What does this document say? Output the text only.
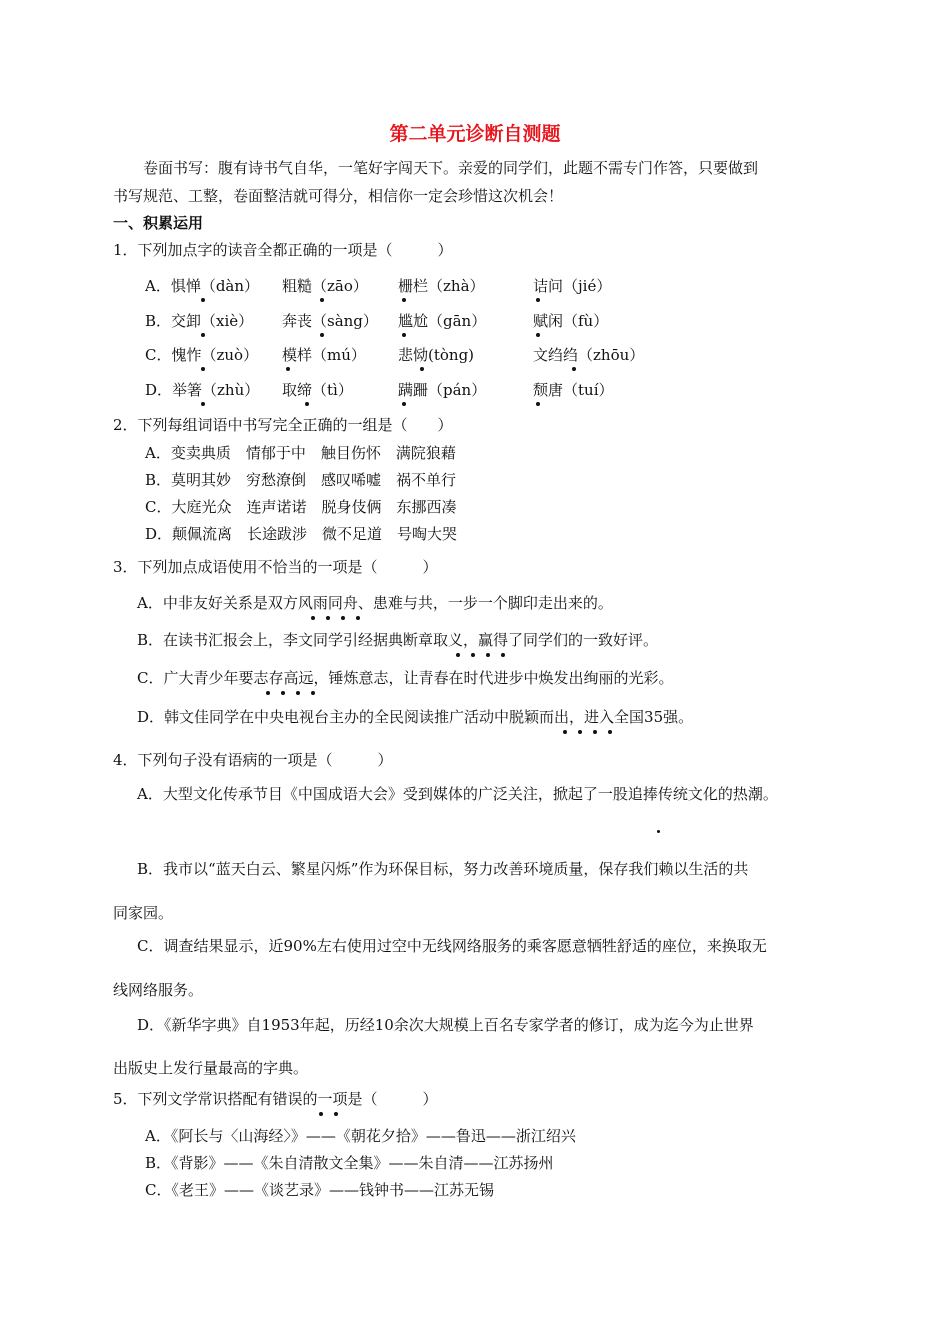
第二单元诊断自测题
卷面书写：腹有诗书气自华，一笔好字闯天下。亲爱的同学们，此题不需专门作答，只要做到
书写规范、工整，卷面整洁就可得分，相信你一定会珍惜这次机会！
一、积累运用
1．下列加点字的读音全都正确的一项是（　　　）
A．惧惮（dàn） 粗糙（zāo） 栅栏（zhà）	诘问（jié）
B．交卸（xiè） 奔丧（sàng） 尴尬（gān）	赋闲（fù）
C．愧怍（zuò） 模样（mú） 悲恸(tòng)	文绉绉（zhōu）
D．举箸（zhù） 取缔（tì）	蹒跚（pán）	颓唐（tuí）
2．下列每组词语中书写完全正确的一组是（　　）
A．变卖典质　情郁于中　触目伤怀　满院狼藉
B．莫明其妙　穷愁潦倒　感叹唏嘘　祸不单行
C．大庭光众　连声诺诺　脱身伎俩　东挪西凑
D．颠佩流离　长途跋涉　微不足道　号啕大哭
3．下列加点成语使用不恰当的一项是（　　　）
A．中非友好关系是双方风雨同舟、患难与共，一步一个脚印走出来的。
B．在读书汇报会上，李文同学引经据典断章取义，赢得了同学们的一致好评。
C．广大青少年要志存高远，锤炼意志，让青春在时代进步中焕发出绚丽的光彩。
D．韩文佳同学在中央电视台主办的全民阅读推广活动中脱颖而出，进入全国35强。
4．下列句子没有语病的一项是（　　　）
A．大型文化传承节目《中国成语大会》受到媒体的广泛关注，掀起了一股追捧传统文化的热潮。
B．我市以“蓝天白云、繁星闪烁”作为环保目标，努力改善环境质量，保存我们赖以生活的共
同家园。
C．调查结果显示，近90%左右使用过空中无线网络服务的乘客愿意牺牲舒适的座位，来换取无
线网络服务。
D．《新华字典》自1953年起，历经10余次大规模上百名专家学者的修订，成为迄今为止世界
出版史上发行量最高的字典。
5．下列文学常识搭配有错误的一项是（　　　）
A．《阿长与〈山海经〉》——《朝花夕拾》——鲁迅——浙江绍兴
B．《背影》——《朱自清散文全集》——朱自清——江苏扬州
C．《老王》——《谈艺录》——钱钟书——江苏无锡
